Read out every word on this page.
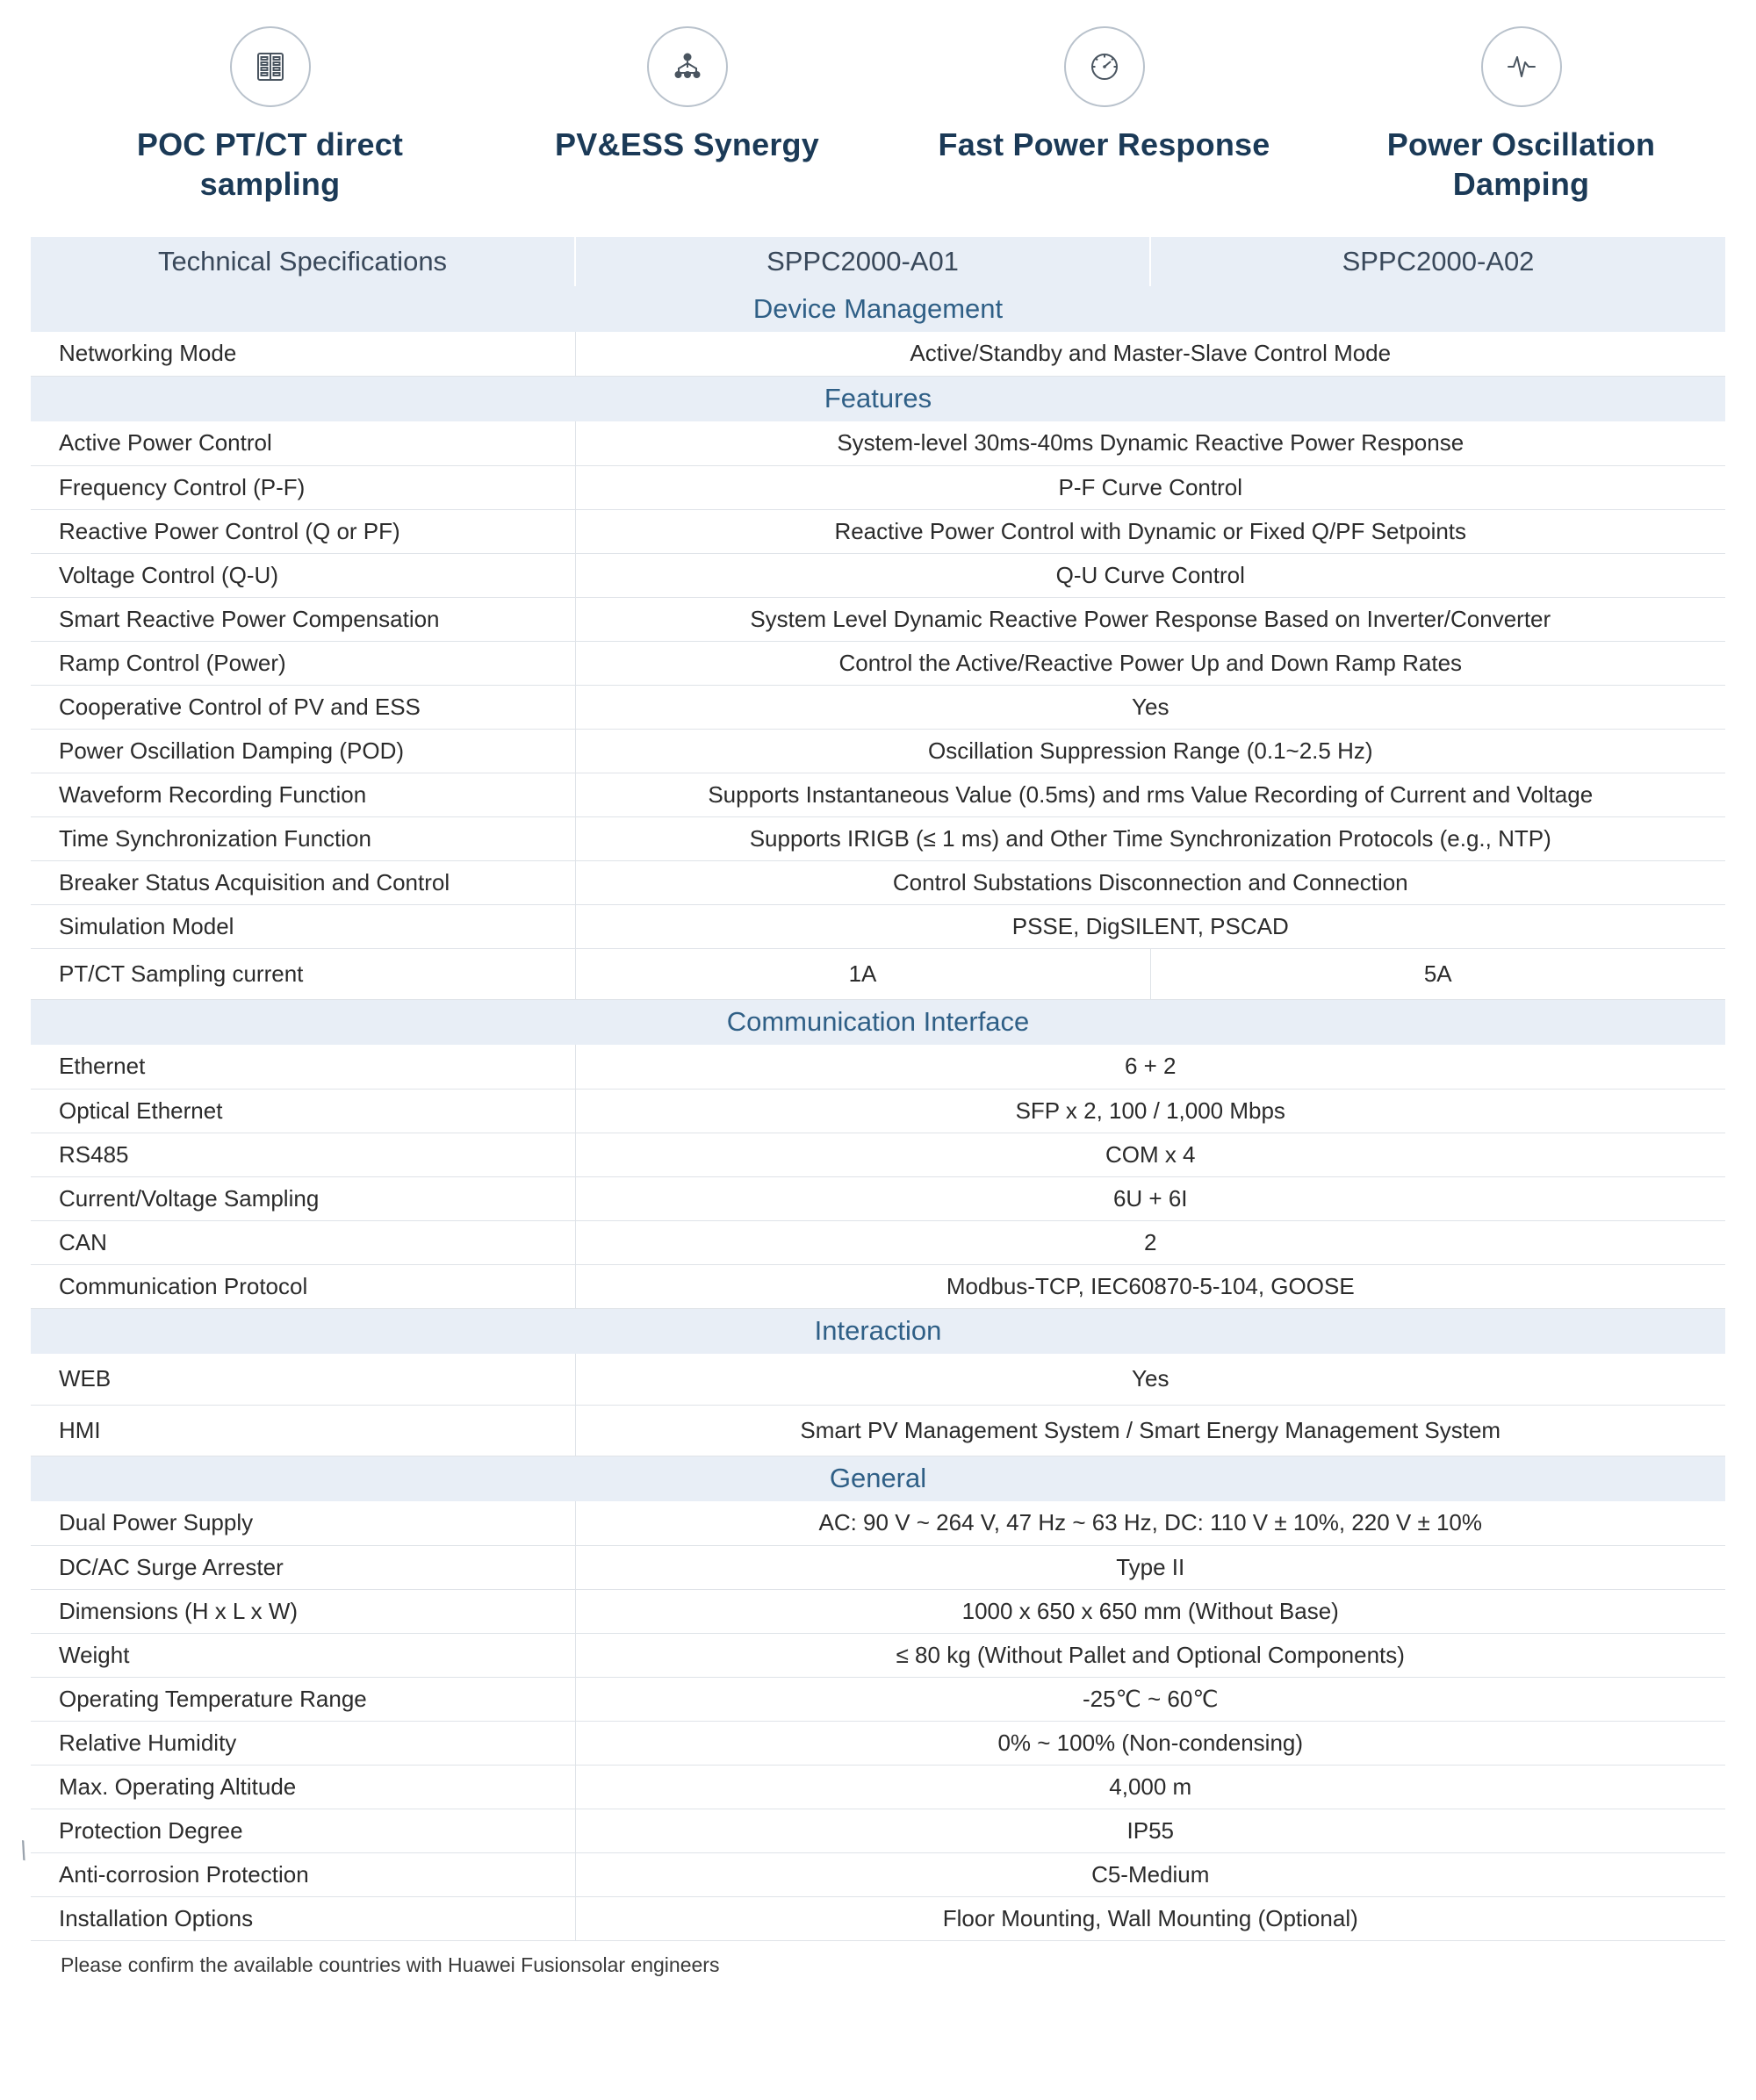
POC PT/CT direct sampling
PV&ESS Synergy	Fast Power Response	Power Oscillation Damping
Technical Specifications	SPPC2000-A01	SPPC2000-A02
Device Management		
Networking Mode	Active/Standby and Master-Slave Control Mode	
Features		
Active Power Control	System-level 30ms-40ms Dynamic Reactive Power Response	
Frequency Control (P-F)	P-F Curve Control	
Reactive Power Control (Q or PF)	Reactive Power Control with Dynamic or Fixed Q/PF Setpoints	
Voltage Control (Q-U)	Q-U Curve Control	
Smart Reactive Power Compensation	System Level Dynamic Reactive Power Response Based on Inverter/Converter	
Ramp Control (Power)	Control the Active/Reactive Power Up and Down Ramp Rates	
Cooperative Control of PV and ESS	Yes	
Power Oscillation Damping (POD)	Oscillation Suppression Range (0.1~2.5 Hz)	
Waveform Recording Function	Supports Instantaneous Value (0.5ms) and rms Value Recording of Current and Voltage	
Time Synchronization Function	Supports IRIGB (≤ 1 ms) and Other Time Synchronization Protocols (e.g., NTP)	
Breaker Status Acquisition and Control	Control Substations Disconnection and Connection	
Simulation Model	PSSE, DigSILENT, PSCAD	
PT/CT Sampling current	1A	5A
Communication Interface		
Ethernet	6 + 2	
Optical Ethernet	SFP x 2, 100 / 1,000 Mbps	
RS485	COM x 4	
Current/Voltage Sampling	6U + 6I	
CAN	2	
Communication Protocol	Modbus-TCP, IEC60870-5-104, GOOSE	
Interaction		
WEB	Yes	
HMI	Smart PV Management System / Smart Energy Management System	
General		
Dual Power Supply	AC: 90 V ~ 264 V, 47 Hz ~ 63 Hz, DC: 110 V ± 10%, 220 V ± 10%	
DC/AC Surge Arrester	Type II	
Dimensions (H x L x W)	1000 x 650 x 650 mm (Without Base)	
Weight	≤ 80 kg (Without Pallet and Optional Components)	
Operating Temperature Range	-25℃ ~ 60℃	
Relative Humidity	0% ~ 100% (Non-condensing)	
Max. Operating Altitude	4,000 m	
Protection Degree	IP55	
Anti-corrosion Protection	C5-Medium	
Installation Options	Floor Mounting, Wall Mounting (Optional)	
Please confirm the available countries with Huawei Fusionsolar engineers
\
